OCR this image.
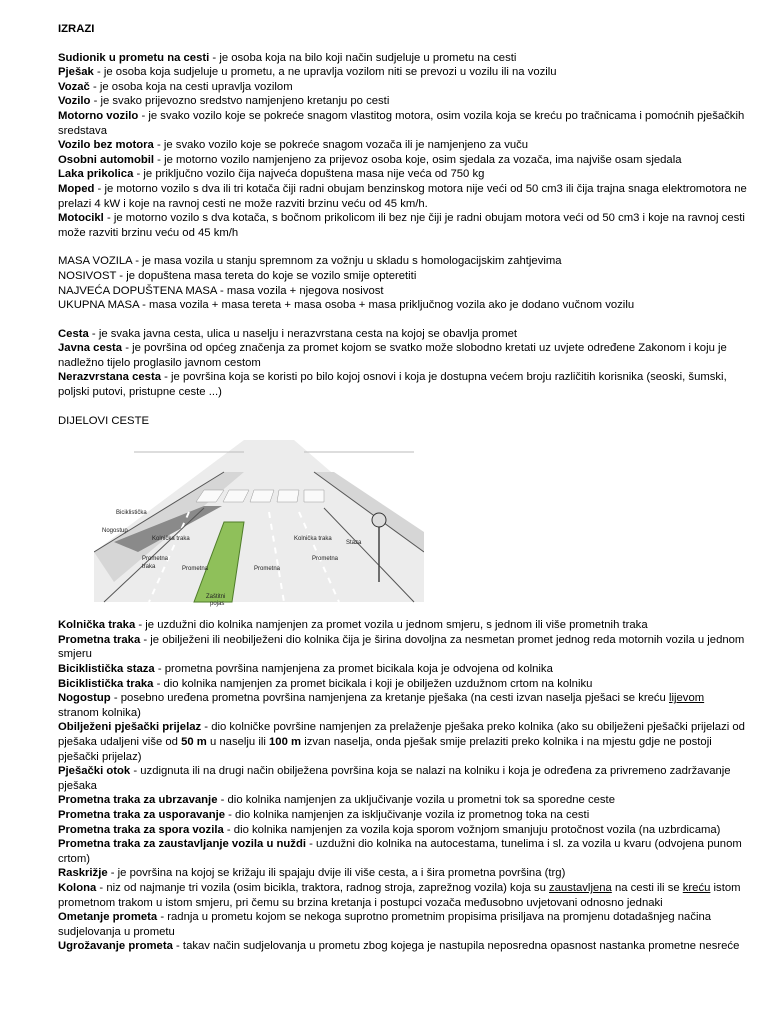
IZRAZI

Sudionik u prometu na cesti - je osoba koja na bilo koji način sudjeluje u prometu na cesti

Pješak - je osoba koja sudjeluje u prometu, a ne upravlja vozilom niti se prevozi u vozilu ili na vozilu

Vozač - je osoba koja na cesti upravlja vozilom

Vozilo - je svako prijevozno sredstvo namjenjeno kretanju po cesti

Motorno vozilo - je svako vozilo koje se pokreće snagom vlastitog motora, osim vozila koja se kreću po tračnicama i pomoćnih pješačkih sredstava

Vozilo bez motora - je svako vozilo koje se pokreće snagom vozača ili je namjenjeno za vuču

Osobni automobil - je motorno vozilo namjenjeno za prijevoz osoba koje, osim sjedala za vozača, ima najviše osam sjedala

Laka prikolica - je priključno vozilo čija najveća dopuštena masa nije veća od 750 kg

Moped - je motorno vozilo s dva ili tri kotača čiji radni obujam benzinskog motora nije veći od 50 cm3 ili čija trajna snaga elektromotora ne prelazi 4 kW i koje na ravnoj cesti ne može razviti brzinu veću od 45 km/h.

Motocikl - je motorno vozilo s dva kotača, s bočnom prikolicom ili bez nje čiji je radni obujam motora veći od 50 cm3 i koje na ravnoj cesti može razviti brzinu veću od 45 km/h

MASA VOZILA - je masa vozila u stanju spremnom za vožnju u skladu s homologacijskim zahtjevima

NOSIVOST - je dopuštena masa tereta do koje se vozilo smije opteretiti

NAJVEĆA DOPUŠTENA MASA - masa vozila + njegova nosivost

UKUPNA MASA - masa vozila + masa tereta + masa osoba + masa priključnog vozila ako je dodano vučnom vozilu

Cesta - je svaka javna cesta, ulica u naselju i nerazvrstana cesta na kojoj se obavlja promet

Javna cesta - je površina od općeg značenja za promet kojom se svatko može slobodno kretati uz uvjete određene Zakonom i koju je nadležno tijelo proglasilo javnom cestom

Nerazvrstana cesta - je površina koja se koristi po bilo kojoj osnovi i koja je dostupna većem broju različitih korisnika (seoski, šumski, poljski putovi, pristupne ceste ...)

DIJELOVI CESTE

Biciklistička
Kolnička traka	Kolnička traka
Prometna
Prometna	Prometna
Prometna
traka
Zaštitni
pojas
Nogostup
Staza

Kolnička traka - je uzdužni dio kolnika namjenjen za promet vozila u jednom smjeru, s jednom ili više prometnih traka

Prometna traka - je obilježeni ili neobilježeni dio kolnika čija je širina dovoljna za nesmetan promet jednog reda motornih vozila u jednom smjeru

Biciklistička staza - prometna površina namjenjena za promet bicikala koja je odvojena od kolnika

Biciklistička traka - dio kolnika namjenjen za promet bicikala i koji je obilježen uzdužnom crtom na kolniku

Nogostup - posebno uređena prometna površina namjenjena za kretanje pješaka (na cesti izvan naselja pješaci se kreću lijevom stranom kolnika)

Obilježeni pješački prijelaz - dio kolničke površine namjenjen za prelaženje pješaka preko kolnika (ako su obilježeni pješački prijelazi od pješaka udaljeni više od 50 m u naselju ili 100 m izvan naselja, onda pješak smije prelaziti preko kolnika i na mjestu gdje ne postoji pješački prijelaz)

Pješački otok - uzdignuta ili na drugi način obilježena površina koja se nalazi na kolniku i koja je određena za privremeno zadržavanje pješaka

Prometna traka za ubrzavanje - dio kolnika namjenjen za uključivanje vozila u prometni tok sa sporedne ceste

Prometna traka za usporavanje - dio kolnika namjenjen za isključivanje vozila iz prometnog toka na cesti

Prometna traka za spora vozila - dio kolnika namjenjen za vozila koja sporom vožnjom smanjuju protočnost vozila (na uzbrdicama)

Prometna traka za zaustavljanje vozila u nuždi - uzdužni dio kolnika na autocestama, tunelima i sl. za vozila u kvaru (odvojena punom crtom)

Raskrižje - je površina na kojoj se križaju ili spajaju dvije ili više cesta, a i šira prometna površina (trg)

Kolona - niz od najmanje tri vozila (osim bicikla, traktora, radnog stroja, zaprežnog vozila) koja su zaustavljena na cesti ili se kreću istom prometnom trakom u istom smjeru, pri čemu su brzina kretanja i postupci vozača međusobno uvjetovani odnosno jednaki

Ometanje prometa - radnja u prometu kojom se nekoga suprotno prometnim propisima prisiljava na promjenu dotadašnjeg načina sudjelovanja u prometu

Ugrožavanje prometa - takav način sudjelovanja u prometu zbog kojega je nastupila neposredna opasnost nastanka prometne nesreće
